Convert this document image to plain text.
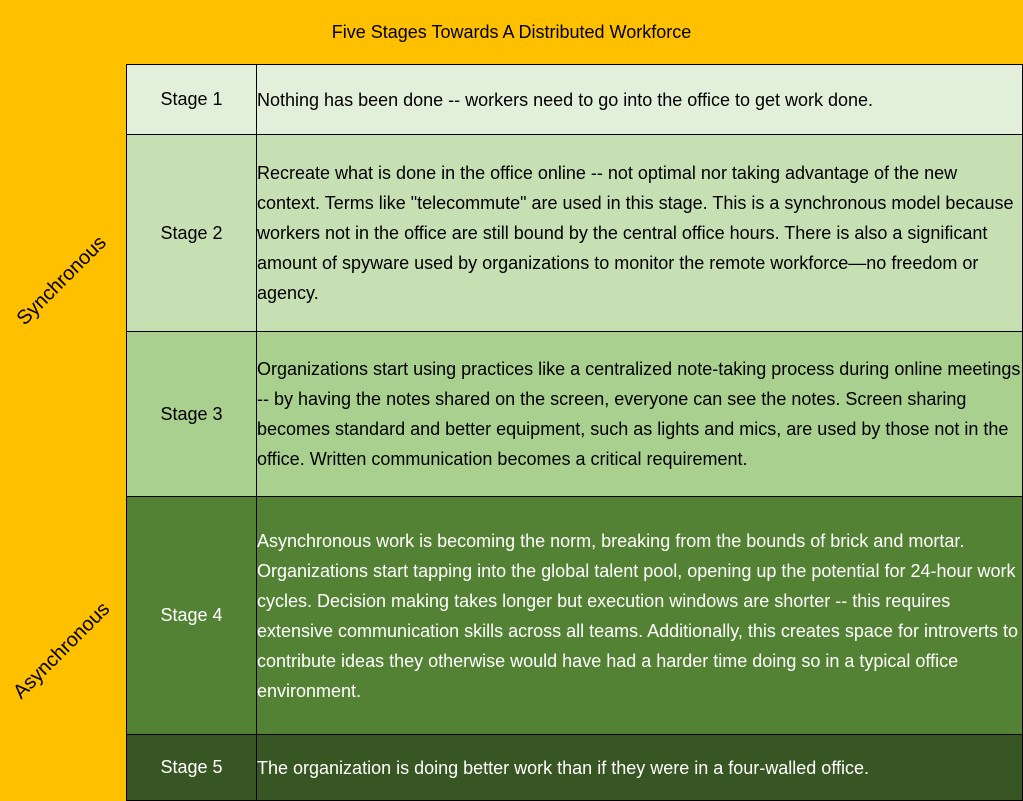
Five Stages Towards A Distributed Workforce
Synchronous
Asynchronous
Stage 1	Nothing has been done -- workers need to go into the office to get work done.
Stage 2	Recreate what is done in the office online -- not optimal nor taking advantage of the new context. Terms like "telecommute" are used in this stage. This is a synchronous model because workers not in the office are still bound by the central office hours. There is also a significant amount of spyware used by organizations to monitor the remote workforce—no freedom or agency.
Stage 3	Organizations start using practices like a centralized note-taking process during online meetings -- by having the notes shared on the screen, everyone can see the notes. Screen sharing becomes standard and better equipment, such as lights and mics, are used by those not in the office. Written communication becomes a critical requirement.
Stage 4	Asynchronous work is becoming the norm, breaking from the bounds of brick and mortar. Organizations start tapping into the global talent pool, opening up the potential for 24-hour work cycles. Decision making takes longer but execution windows are shorter -- this requires extensive communication skills across all teams. Additionally, this creates space for introverts to contribute ideas they otherwise would have had a harder time doing so in a typical office environment.
Stage 5	The organization is doing better work than if they were in a four-walled office.
